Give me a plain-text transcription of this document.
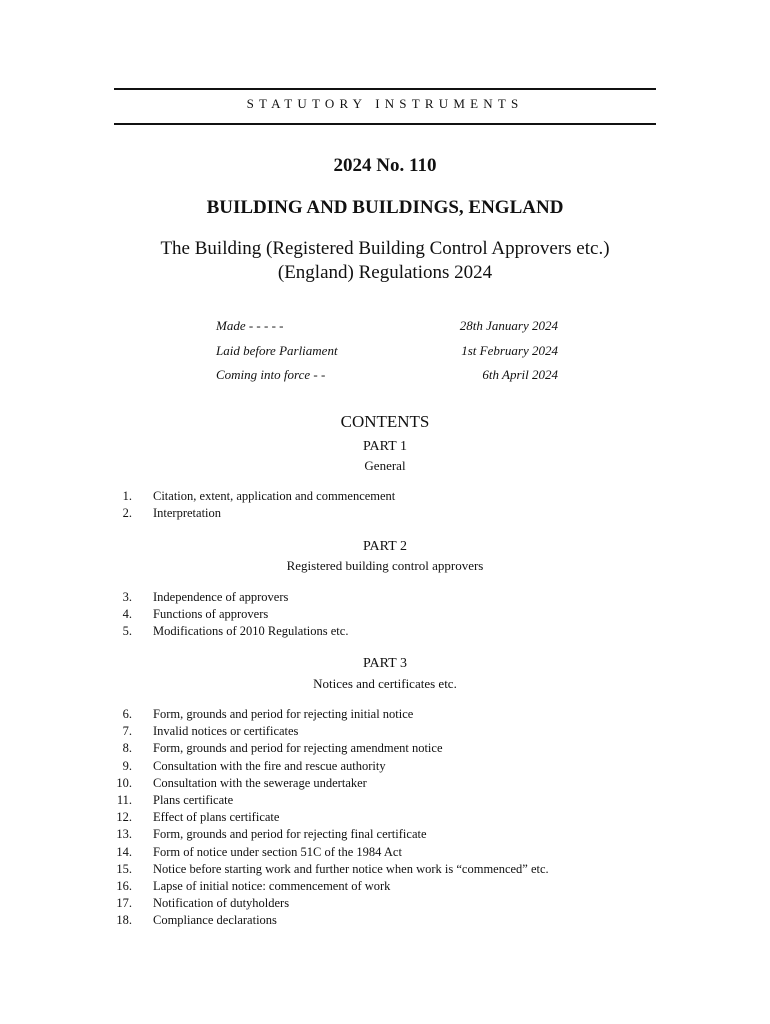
STATUTORY INSTRUMENTS
2024 No. 110
BUILDING AND BUILDINGS, ENGLAND
The Building (Registered Building Control Approvers etc.)
(England) Regulations 2024
Made - - - - -	28th January 2024
Laid before Parliament	1st February 2024
Coming into force - -	6th April 2024
CONTENTS
PART 1
General
1. Citation, extent, application and commencement
2. Interpretation
PART 2
Registered building control approvers
3. Independence of approvers
4. Functions of approvers
5. Modifications of 2010 Regulations etc.
PART 3
Notices and certificates etc.
6. Form, grounds and period for rejecting initial notice
7. Invalid notices or certificates
8. Form, grounds and period for rejecting amendment notice
9. Consultation with the fire and rescue authority
10. Consultation with the sewerage undertaker
11. Plans certificate
12. Effect of plans certificate
13. Form, grounds and period for rejecting final certificate
14. Form of notice under section 51C of the 1984 Act
15. Notice before starting work and further notice when work is “commenced” etc.
16. Lapse of initial notice: commencement of work
17. Notification of dutyholders
18. Compliance declarations
